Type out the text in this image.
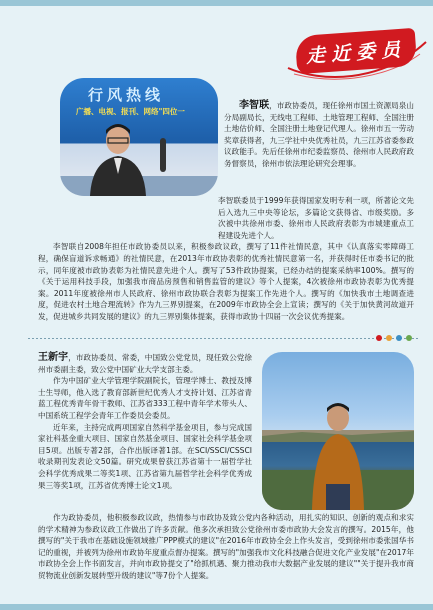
走近委员
行风热线
广播、电视、报刊、网络"四位一

李智联，市政协委员，现任徐州市国土资源局泉山分局副局长，无线电工程师、土地管理工程师、全国注册土地估价师、全国注册土地登记代理人。徐州市五一劳动奖章获得者，九三学社中央优秀社员，九三江苏省委参政议政能手。先后任徐州市纪委监察员、徐州市人民政府政务督察员，徐州市依法理论研究会理事。

李智联委员于1999年获得国家发明专利一项，所著论文先后入选九三中央等论坛，多篇论文获得省、市级奖励。多次被中共徐州市委、徐州市人民政府表彰为市城建重点工程建设先进个人。

李智联自2008年担任市政协委员以来，积极参政议政，撰写了11件社情民意，其中《认真落实零障碍工程，确保盲道诉求畅通》的社情民意，在2013年市政协表彰的优秀社情民意第一名，并获得时任市委书记的批示，同年度被市政协表彰为社情民意先进个人。撰写了53件政协提案，已经办结的提案采纳率100%。撰写的《关于运用科技手段，加强我市商品房预售和销售监管的建议》等个人提案，4次被徐州市政协表彰为优秀提案。2011年度被徐州市人民政府、徐州市政协联合表彰为提案工作先进个人。撰写的《加快我市土地调查进度，促进农村土地合理流转》作为九三界别提案，在2009年市政协全会上宣读；撰写的《关于加快黄河故道开发，促进城乡共同发展的建议》的九三界别集体提案，获得市政协十四届一次会议优秀提案。

王新宇，市政协委员、常委，中国致公党党员，现任致公党徐州市委副主委，致公党中国矿业大学支部主委。

作为中国矿业大学管理学院副院长，管理学博士、教授及博士生导师，他入选了教育部新世纪优秀人才支持计划、江苏省青蓝工程优秀青年骨干教师、江苏省333工程中青年学术带头人、中国系统工程学会青年工作委员会委员。

近年来，主持完成两项国家自然科学基金项目，参与完成国家社科基金重大项目、国家自然基金项目、国家社会科学基金项目5项。出版专著2部，合作出版译著1部。在SCI/SSCI/CSSCI收录期刊发表论文50篇。研究成果曾获江苏省第十一届哲学社会科学优秀成果二等奖1项、江苏省第九届哲学社会科学优秀成果三等奖1项，江苏省优秀博士论文1项。

作为政协委员，他积极参政议政，热情参与市政协及致公党内各种活动，用扎实的知识、创新的观点和求实的学术精神为参政议政工作做出了许多贡献。他多次承担致公党徐州市委市政协大会发言的撰写。2015年，他撰写的"关于我市在基础设施领域推广PPP模式的建议"在2016年市政协全会上作头发言，受到徐州市委张国华书记的重视，并被列为徐州市政协年度重点督办提案。撰写的"加强我市文化科技融合促进文化产业发展"在2017年市政协全会上作书面发言，并向市政协提交了"给抓机遇、聚力推动我市大数据产业发展的建议""关于提升我市商贸物流业创新发展转型升级的建议"等7份个人提案。
